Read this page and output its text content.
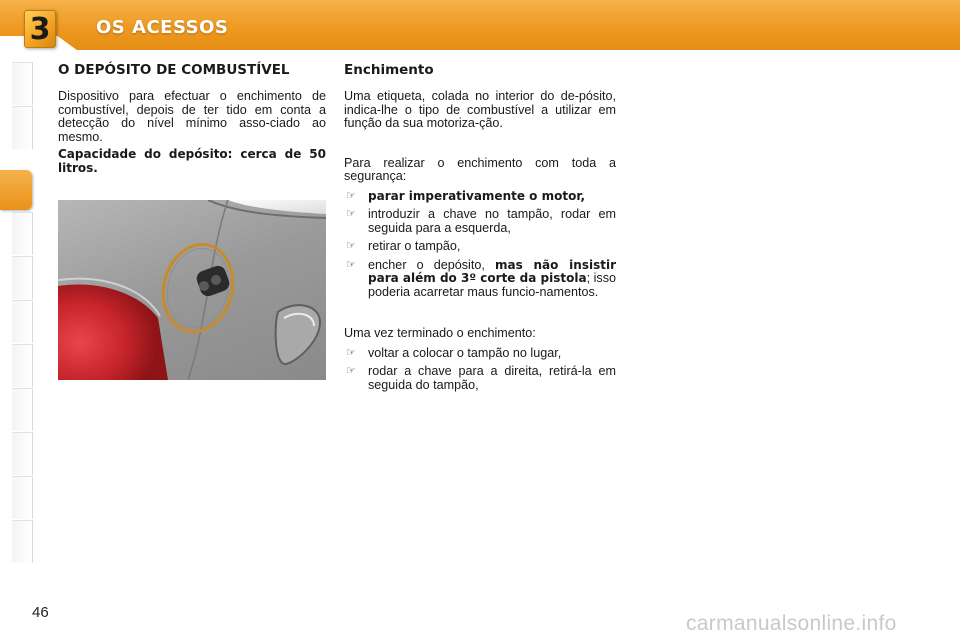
3	OS ACESSOS
O DEPÓSITO DE COMBUSTÍVEL

Dispositivo para efectuar o enchimento de combustível, depois de ter tido em conta a detecção do nível mínimo asso-ciado ao mesmo.

Capacidade do depósito: cerca de 50 litros.

Enchimento

Uma etiqueta, colada no interior do de-pósito, indica-lhe o tipo de combustível a utilizar em função da sua motoriza-ção.

Para realizar o enchimento com toda a segurança:

☞ parar imperativamente o motor,
☞ introduzir a chave no tampão, rodar em seguida para a esquerda,
☞ retirar o tampão,
☞ encher o depósito, mas não insistir para além do 3º corte da pistola; isso poderia acarretar maus funcio-namentos.

Uma vez terminado o enchimento:

☞ voltar a colocar o tampão no lugar,
☞ rodar a chave para a direita, retirá-la em seguida do tampão,
46	carmanualsonline.info
